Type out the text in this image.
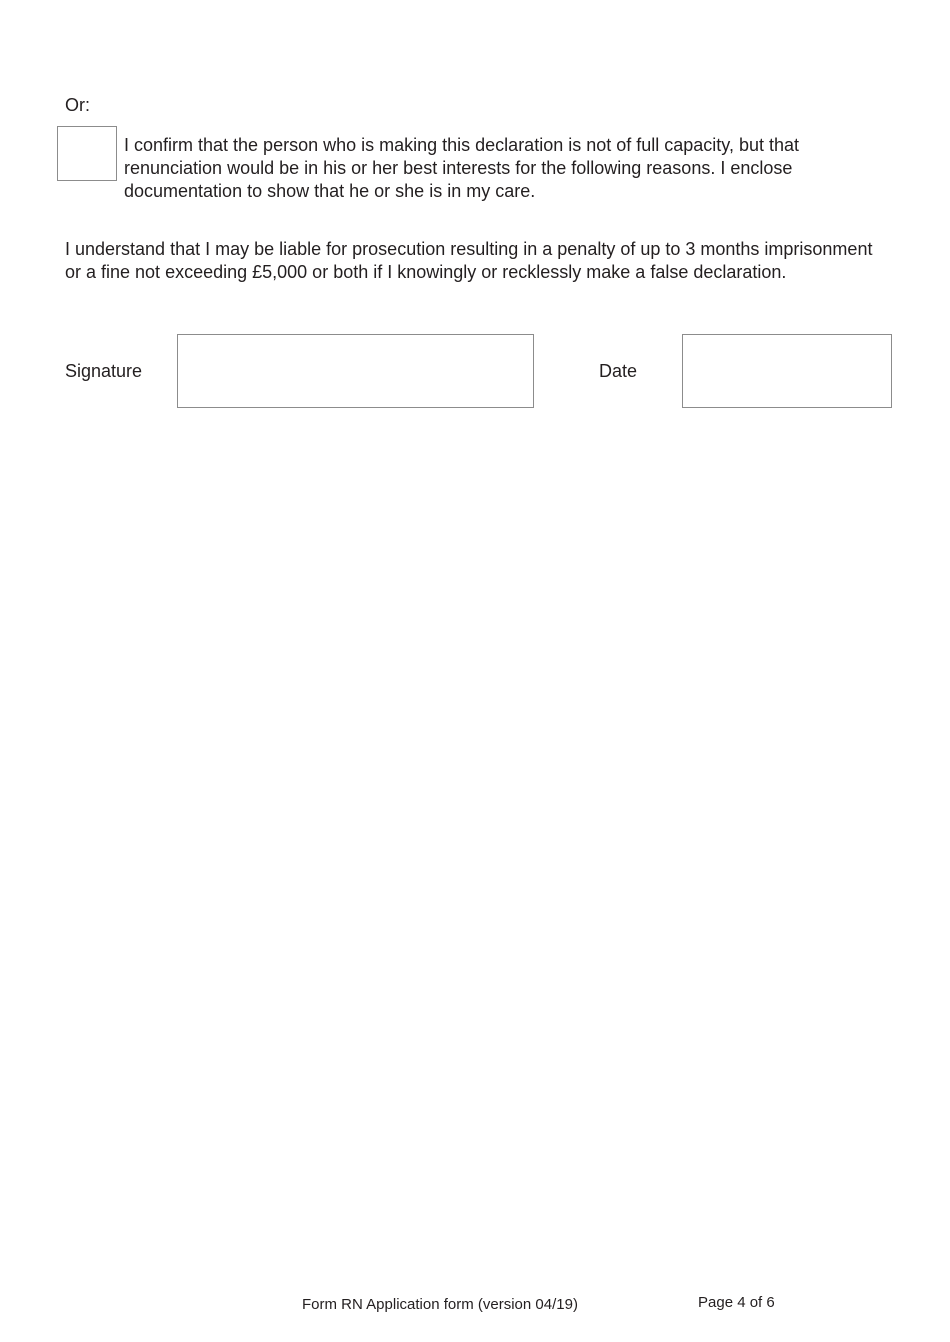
Or:
I confirm that the person who is making this declaration is not of full capacity, but that renunciation would be in his or her best interests for the following reasons. I enclose documentation to show that he or she is in my care.
I understand that I may be liable for prosecution resulting in a penalty of up to 3 months imprisonment or a fine not exceeding £5,000 or both if I knowingly or recklessly make a false declaration.
Signature	Date
Form RN Application form (version 04/19)	Page 4 of 6
